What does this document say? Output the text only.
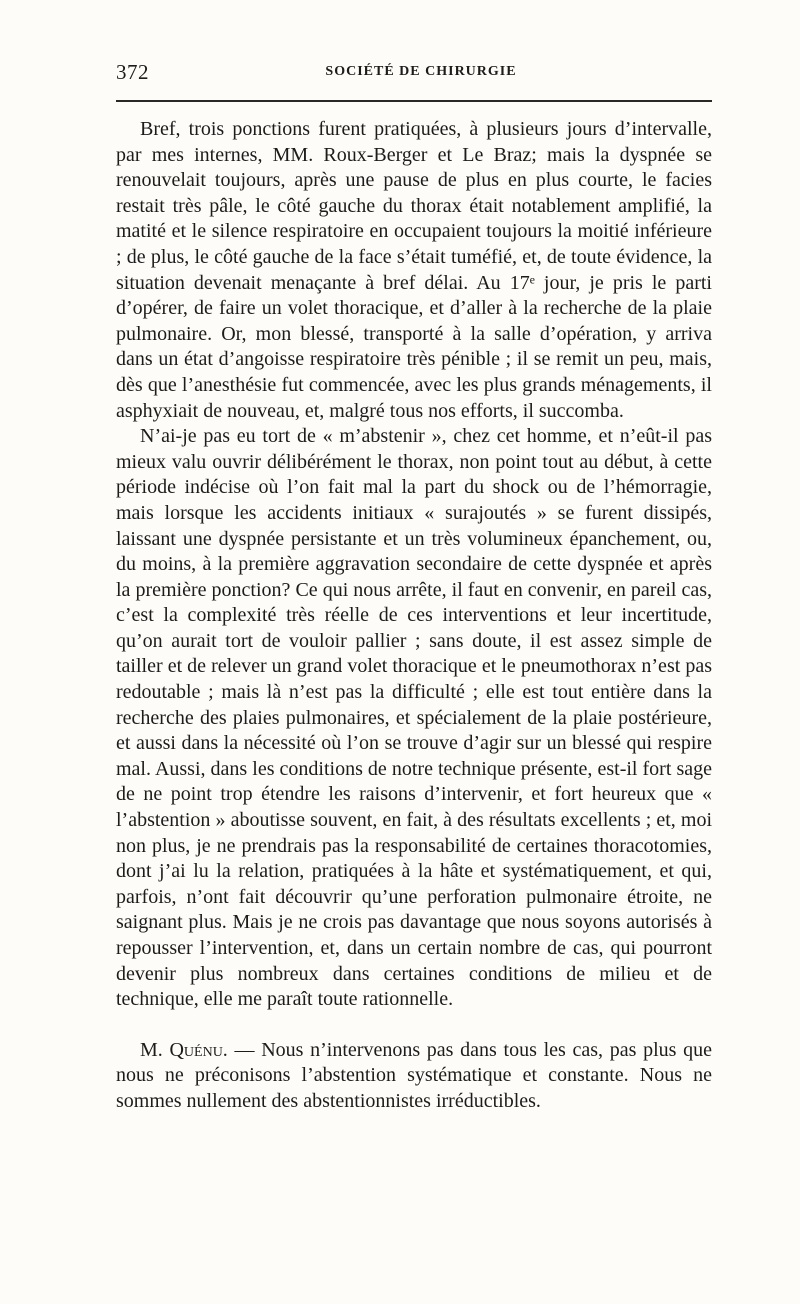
372	SOCIÉTÉ DE CHIRURGIE

Bref, trois ponctions furent pratiquées, à plusieurs jours d’intervalle, par mes internes, MM. Roux-Berger et Le Braz; mais la dyspnée se renouvelait toujours, après une pause de plus en plus courte, le facies restait très pâle, le côté gauche du thorax était notablement amplifié, la matité et le silence respiratoire en occupaient toujours la moitié inférieure ; de plus, le côté gauche de la face s’était tuméfié, et, de toute évidence, la situation devenait menaçante à bref délai. Au 17ᵉ jour, je pris le parti d’opérer, de faire un volet thoracique, et d’aller à la recherche de la plaie pulmonaire. Or, mon blessé, transporté à la salle d’opération, y arriva dans un état d’angoisse respiratoire très pénible ; il se remit un peu, mais, dès que l’anesthésie fut commencée, avec les plus grands ménagements, il asphyxiait de nouveau, et, malgré tous nos efforts, il succomba.

N’ai-je pas eu tort de « m’abstenir », chez cet homme, et n’eût-il pas mieux valu ouvrir délibérément le thorax, non point tout au début, à cette période indécise où l’on fait mal la part du shock ou de l’hémorragie, mais lorsque les accidents initiaux « surajoutés » se furent dissipés, laissant une dyspnée persistante et un très volumineux épanchement, ou, du moins, à la première aggravation secondaire de cette dyspnée et après la première ponction? Ce qui nous arrête, il faut en convenir, en pareil cas, c’est la complexité très réelle de ces interventions et leur incertitude, qu’on aurait tort de vouloir pallier ; sans doute, il est assez simple de tailler et de relever un grand volet thoracique et le pneumothorax n’est pas redoutable ; mais là n’est pas la difficulté ; elle est tout entière dans la recherche des plaies pulmonaires, et spécialement de la plaie postérieure, et aussi dans la nécessité où l’on se trouve d’agir sur un blessé qui respire mal. Aussi, dans les conditions de notre technique présente, est-il fort sage de ne point trop étendre les raisons d’intervenir, et fort heureux que « l’abstention » aboutisse souvent, en fait, à des résultats excellents ; et, moi non plus, je ne prendrais pas la responsabilité de certaines thoracotomies, dont j’ai lu la relation, pratiquées à la hâte et systématiquement, et qui, parfois, n’ont fait découvrir qu’une perforation pulmonaire étroite, ne saignant plus. Mais je ne crois pas davantage que nous soyons autorisés à repousser l’intervention, et, dans un certain nombre de cas, qui pourront devenir plus nombreux dans certaines conditions de milieu et de technique, elle me paraît toute rationnelle.

M. Quénu. — Nous n’intervenons pas dans tous les cas, pas plus que nous ne préconisons l’abstention systématique et constante. Nous ne sommes nullement des abstentionnistes irréductibles.
